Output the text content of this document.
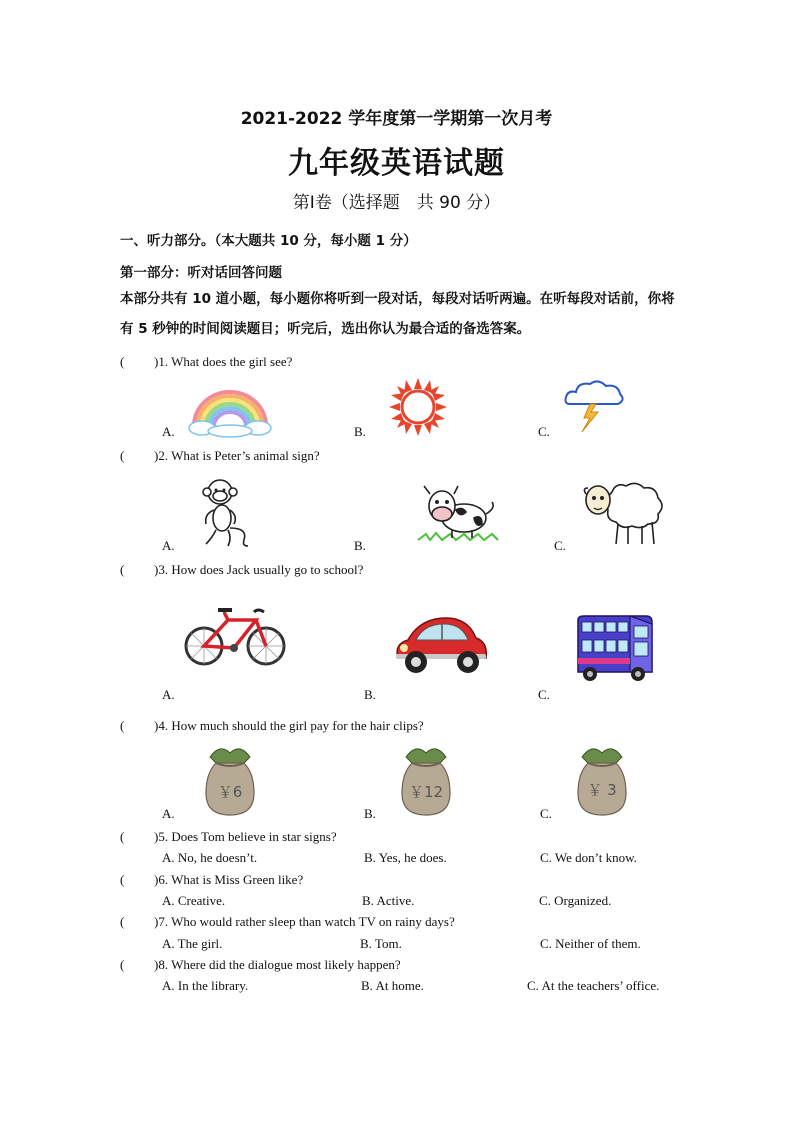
2021-2022 学年度第一学期第一次月考
九年级英语试题
第Ⅰ卷（选择题　共 90 分）
一、听力部分。（本大题共 10 分，每小题 1 分）
第一部分：听对话回答问题
本部分共有 10 道小题，每小题你将听到一段对话，每段对话听两遍。在听每段对话前，你将有 5 秒钟的时间阅读题目；听完后，选出你认为最合适的备选答案。
( )1. What does the girl see?
A.	B.	C.
( )2. What is Peter’s animal sign?
A.	B.	C.
( )3. How does Jack usually go to school?
A.	B.	C.
( )4. How much should the girl pay for the hair clips?
A.	B.	C.
￥6	￥12	￥ 3
( )5. Does Tom believe in star signs?
A. No, he doesn’t.	B. Yes, he does.	C. We don’t know.
( )6. What is Miss Green like?
A. Creative.	B. Active.	C. Organized.
( )7. Who would rather sleep than watch TV on rainy days?
A. The girl.	B. Tom.	C. Neither of them.
( )8. Where did the dialogue most likely happen?
A. In the library.	B. At home.	C. At the teachers’ office.
